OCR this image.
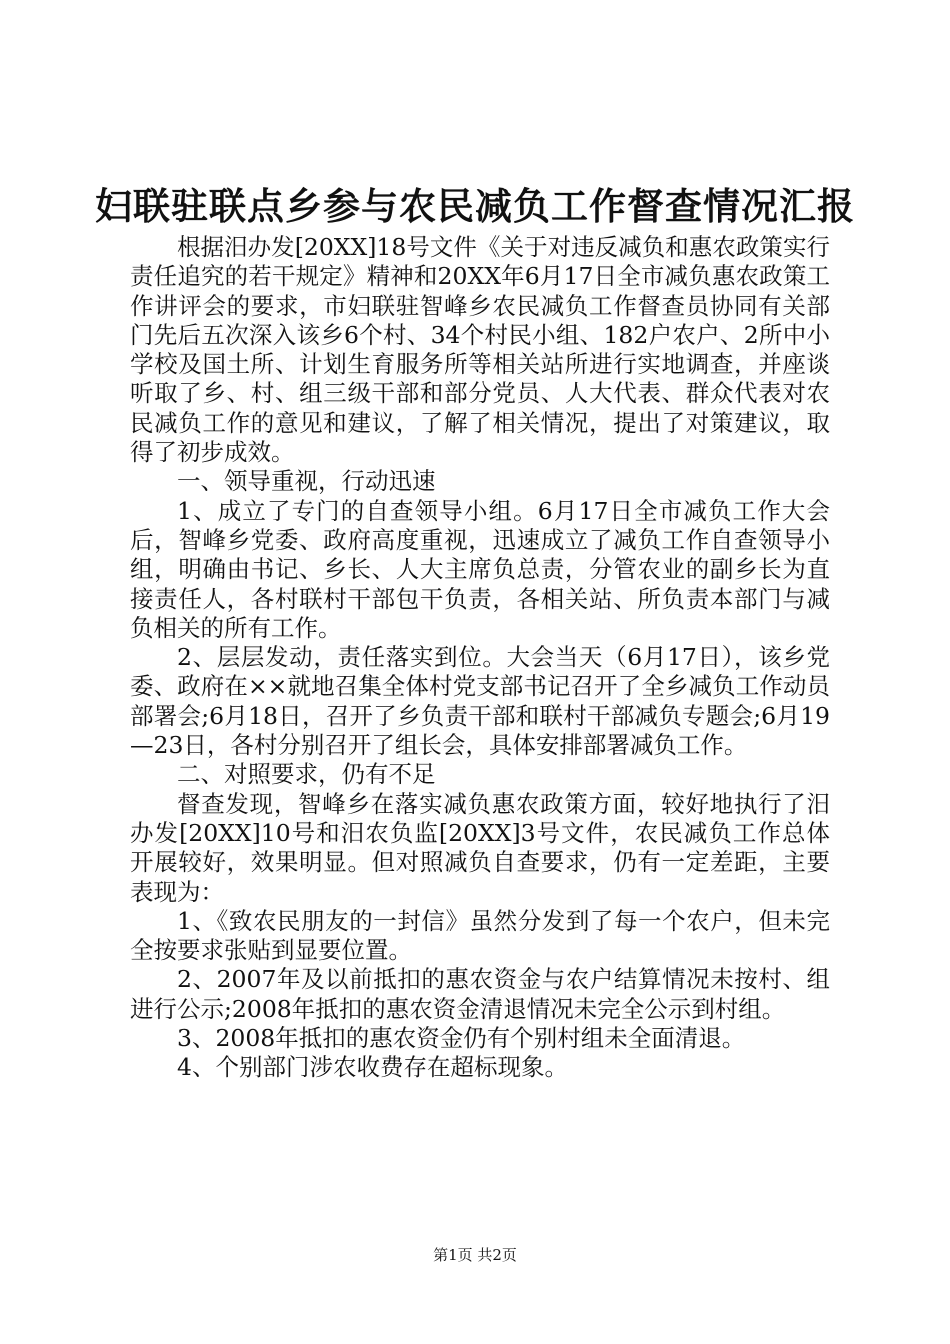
妇联驻联点乡参与农民减负工作督查情况汇报

根据汨办发[20XX]18号文件《关于对违反减负和惠农政策实行责任追究的若干规定》精神和20XX年6月17日全市减负惠农政策工作讲评会的要求，市妇联驻智峰乡农民减负工作督查员协同有关部门先后五次深入该乡6个村、34个村民小组、182户农户、2所中小学校及国土所、计划生育服务所等相关站所进行实地调查，并座谈听取了乡、村、组三级干部和部分党员、人大代表、群众代表对农民减负工作的意见和建议，了解了相关情况，提出了对策建议，取得了初步成效。

一、领导重视，行动迅速

1、成立了专门的自查领导小组。6月17日全市减负工作大会后，智峰乡党委、政府高度重视，迅速成立了减负工作自查领导小组，明确由书记、乡长、人大主席负总责，分管农业的副乡长为直接责任人，各村联村干部包干负责，各相关站、所负责本部门与减负相关的所有工作。

2、层层发动，责任落实到位。大会当天（6月17日），该乡党委、政府在××就地召集全体村党支部书记召开了全乡减负工作动员部署会;6月18日，召开了乡负责干部和联村干部减负专题会;6月19—23日，各村分别召开了组长会，具体安排部署减负工作。

二、对照要求，仍有不足

督查发现，智峰乡在落实减负惠农政策方面，较好地执行了汨办发[20XX]10号和汨农负监[20XX]3号文件，农民减负工作总体开展较好，效果明显。但对照减负自查要求，仍有一定差距，主要表现为：

1、《致农民朋友的一封信》虽然分发到了每一个农户，但未完全按要求张贴到显要位置。

2、2007年及以前抵扣的惠农资金与农户结算情况未按村、组进行公示;2008年抵扣的惠农资金清退情况未完全公示到村组。

3、2008年抵扣的惠农资金仍有个别村组未全面清退。

4、个别部门涉农收费存在超标现象。

第1页 共2页
